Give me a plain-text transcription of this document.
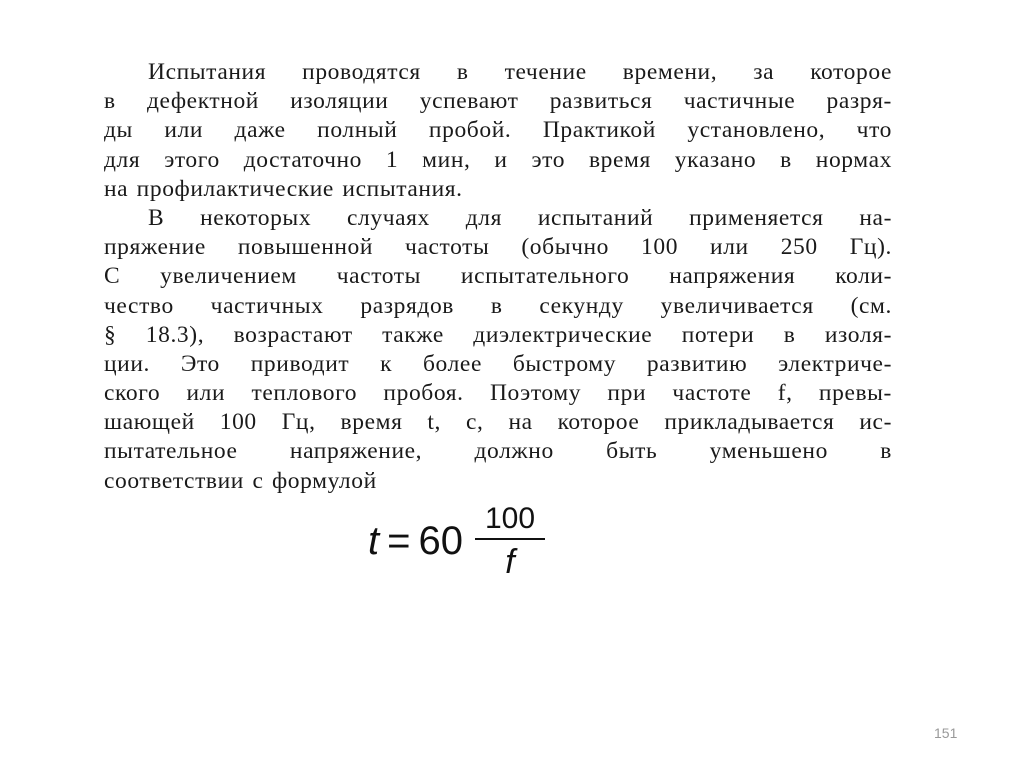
Испытания проводятся в течение времени, за которое
в дефектной изоляции успевают развиться частичные разря-
ды или даже полный пробой. Практикой установлено, что
для этого достаточно 1 мин, и это время указано в нормах
на профилактические испытания.
В некоторых случаях для испытаний применяется на-
пряжение повышенной частоты (обычно 100 или 250 Гц).
С увеличением частоты испытательного напряжения коли-
чество частичных разрядов в секунду увеличивается (см.
§ 18.3), возрастают также диэлектрические потери в изоля-
ции. Это приводит к более быстрому развитию электриче-
ского или теплового пробоя. Поэтому при частоте f, превы-
шающей 100 Гц, время t, с, на которое прикладывается ис-
пытательное напряжение, должно быть уменьшено в
соответствии с формулой
$t = 60 \frac{100}{f}$
151
